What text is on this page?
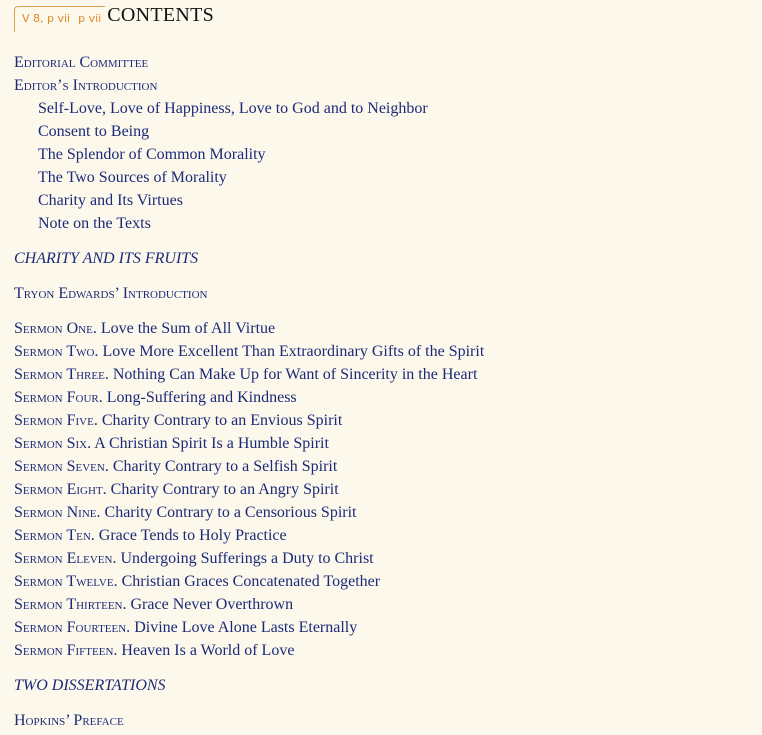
V 8, p vii p vii CONTENTS
Editorial Committee
Editor’s Introduction
Self-Love, Love of Happiness, Love to God and to Neighbor
Consent to Being
The Splendor of Common Morality
The Two Sources of Morality
Charity and Its Virtues
Note on the Texts
CHARITY AND ITS FRUITS
Tryon Edwards’ Introduction
Sermon One. Love the Sum of All Virtue
Sermon Two. Love More Excellent Than Extraordinary Gifts of the Spirit
Sermon Three. Nothing Can Make Up for Want of Sincerity in the Heart
Sermon Four. Long-Suffering and Kindness
Sermon Five. Charity Contrary to an Envious Spirit
Sermon Six. A Christian Spirit Is a Humble Spirit
Sermon Seven. Charity Contrary to a Selfish Spirit
Sermon Eight. Charity Contrary to an Angry Spirit
Sermon Nine. Charity Contrary to a Censorious Spirit
Sermon Ten. Grace Tends to Holy Practice
Sermon Eleven. Undergoing Sufferings a Duty to Christ
Sermon Twelve. Christian Graces Concatenated Together
Sermon Thirteen. Grace Never Overthrown
Sermon Fourteen. Divine Love Alone Lasts Eternally
Sermon Fifteen. Heaven Is a World of Love
TWO DISSERTATIONS
Hopkins’ Preface
